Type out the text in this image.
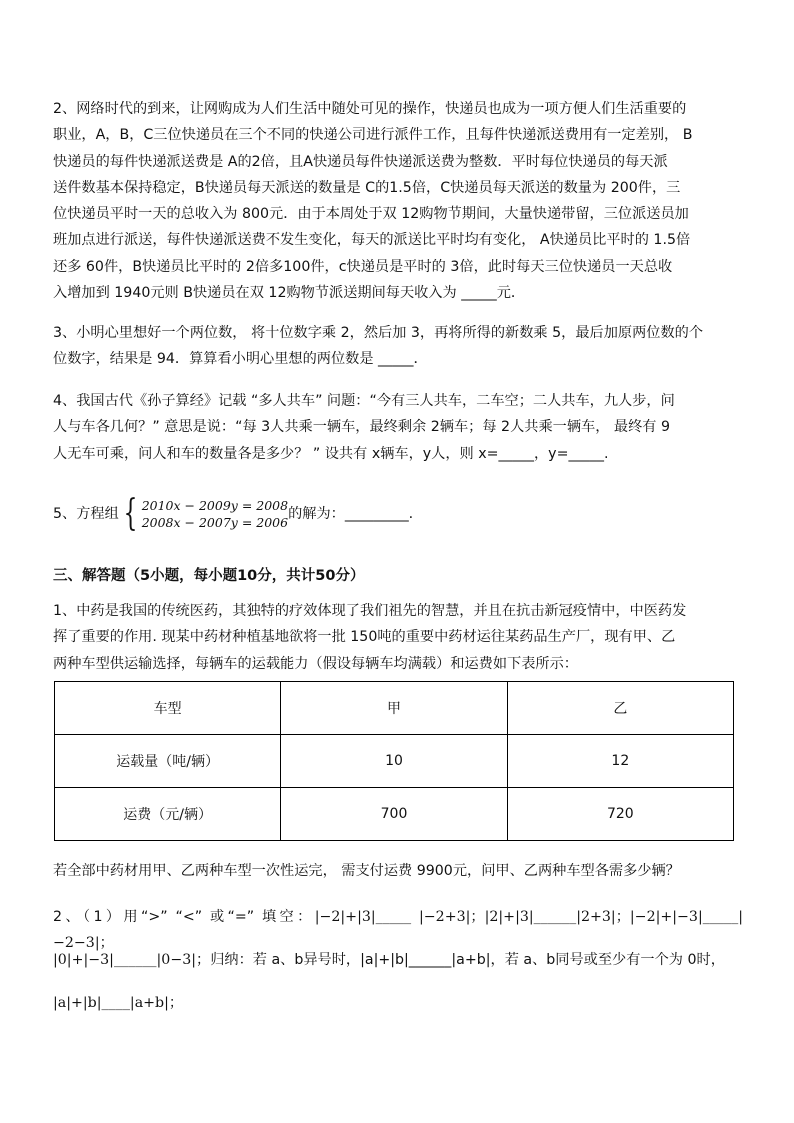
2、网络时代的到来，让网购成为人们生活中随处可见的操作，快递员也成为一项方便人们生活重要的
职业，A，B，C三位快递员在三个不同的快递公司进行派件工作，且每件快递派送费用有一定差别， B
快递员的每件快递派送费是 A的2倍，且A快递员每件快递派送费为整数．平时每位快递员的每天派
送件数基本保持稳定，B快递员每天派送的数量是 C的1.5倍，C快递员每天派送的数量为 200件，三
位快递员平时一天的总收入为 800元．由于本周处于双 12购物节期间，大量快递带留，三位派送员加
班加点进行派送，每件快递派送费不发生变化，每天的派送比平时均有变化， A快递员比平时的 1.5倍
还多 60件，B快递员比平时的 2倍多100件，c快递员是平时的 3倍，此时每天三位快递员一天总收
入增加到 1940元则 B快递员在双 12购物节派送期间每天收入为 _____元．

3、小明心里想好一个两位数， 将十位数字乘 2，然后加 3，再将所得的新数乘 5，最后加原两位数的个
位数字，结果是 94．算算看小明心里想的两位数是 _____．

4、我国古代《孙子算经》记载 “多人共车” 问题：“今有三人共车，二车空；二人共车，九人步，问
人与车各几何？” 意思是说：“每 3人共乘一辆车，最终剩余 2辆车；每 2人共乘一辆车， 最终有 9
人无车可乘，问人和车的数量各是多少？ ” 设共有 x辆车，y人，则 x=_____，y=_____.

5、方程组 { 2010x − 2009y = 2008
2008x − 2007y = 2006
的解为：_________.

三、解答题（5小题，每小题10分，共计50分）

1、中药是我国的传统医药，其独特的疗效体现了我们祖先的智慧，并且在抗击新冠疫情中，中医药发
挥了重要的作用. 现某中药材种植基地欲将一批 150吨的重要中药材运往某药品生产厂，现有甲、乙
两种车型供运输选择，每辆车的运载能力（假设每辆车均满载）和运费如下表所示：

车型	甲	乙
运载量（吨/辆）	10	12
运费（元/辆）	700	720

若全部中药材用甲、乙两种车型一次性运完， 需支付运费 9900元，问甲、乙两种车型各需多少辆？

2、（1）用“>” “<” 或“=” 填空：|−2|+|3|_____ |−2+3|；|2|+|3|______|2+3|；|−2|+|−3|_____|−2−3|；
|0|+|−3|______|0−3|；归纳：若 a、b异号时，|a|+|b|______|a+b|，若 a、b同号或至少有一个为 0时，
|a|+|b|____|a+b|；
